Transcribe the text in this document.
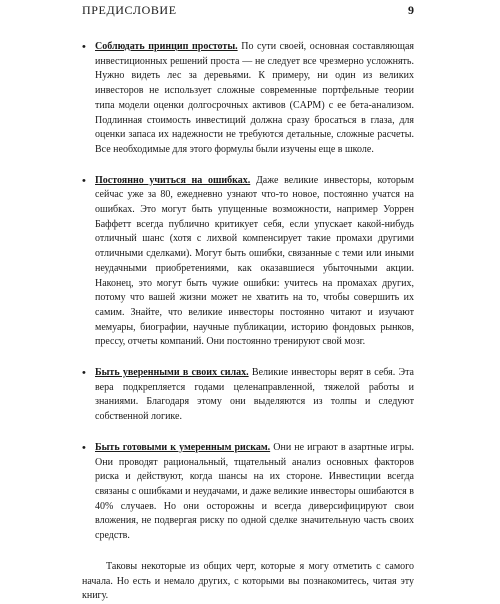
ПРЕДИСЛОВИЕ	9
• Соблюдать принцип простоты. По сути своей, основная составляющая инвестиционных решений проста — не следует все чрезмерно усложнять. Нужно видеть лес за деревьями. К примеру, ни один из великих инвесторов не использует сложные современные портфельные теории типа модели оценки долгосрочных активов (CAPM) с ее бета-анализом. Подлинная стоимость инвестиций должна сразу бросаться в глаза, для оценки запаса их надежности не требуются детальные, сложные расчеты. Все необходимые для этого формулы были изучены еще в школе.

• Постоянно учиться на ошибках. Даже великие инвесторы, которым сейчас уже за 80, ежедневно узнают что-то новое, постоянно учатся на ошибках. Это могут быть упущенные возможности, например Уоррен Баффетт всегда публично критикует себя, если упускает какой-нибудь отличный шанс (хотя с лихвой компенсирует такие промахи другими отличными сделками). Могут быть ошибки, связанные с теми или иными неудачными приобретениями, как оказавшиеся убыточными акции. Наконец, это могут быть чужие ошибки: учитесь на промахах других, потому что вашей жизни может не хватить на то, чтобы совершить их самим. Знайте, что великие инвесторы постоянно читают и изучают мемуары, биографии, научные публикации, историю фондовых рынков, прессу, отчеты компаний. Они постоянно тренируют свой мозг.

• Быть уверенными в своих силах. Великие инвесторы верят в себя. Эта вера подкрепляется годами целенаправленной, тяжелой работы и знаниями. Благодаря этому они выделяются из толпы и следуют собственной логике.

• Быть готовыми к умеренным рискам. Они не играют в азартные игры. Они проводят рациональный, тщательный анализ основных факторов риска и действуют, когда шансы на их стороне. Инвестиции всегда связаны с ошибками и неудачами, и даже великие инвесторы ошибаются в 40% случаев. Но они осторожны и всегда диверсифицируют свои вложения, не подвергая риску по одной сделке значительную часть своих средств.

Таковы некоторые из общих черт, которые я могу отметить с самого начала. Но есть и немало других, с которыми вы познакомитесь, читая эту книгу.
